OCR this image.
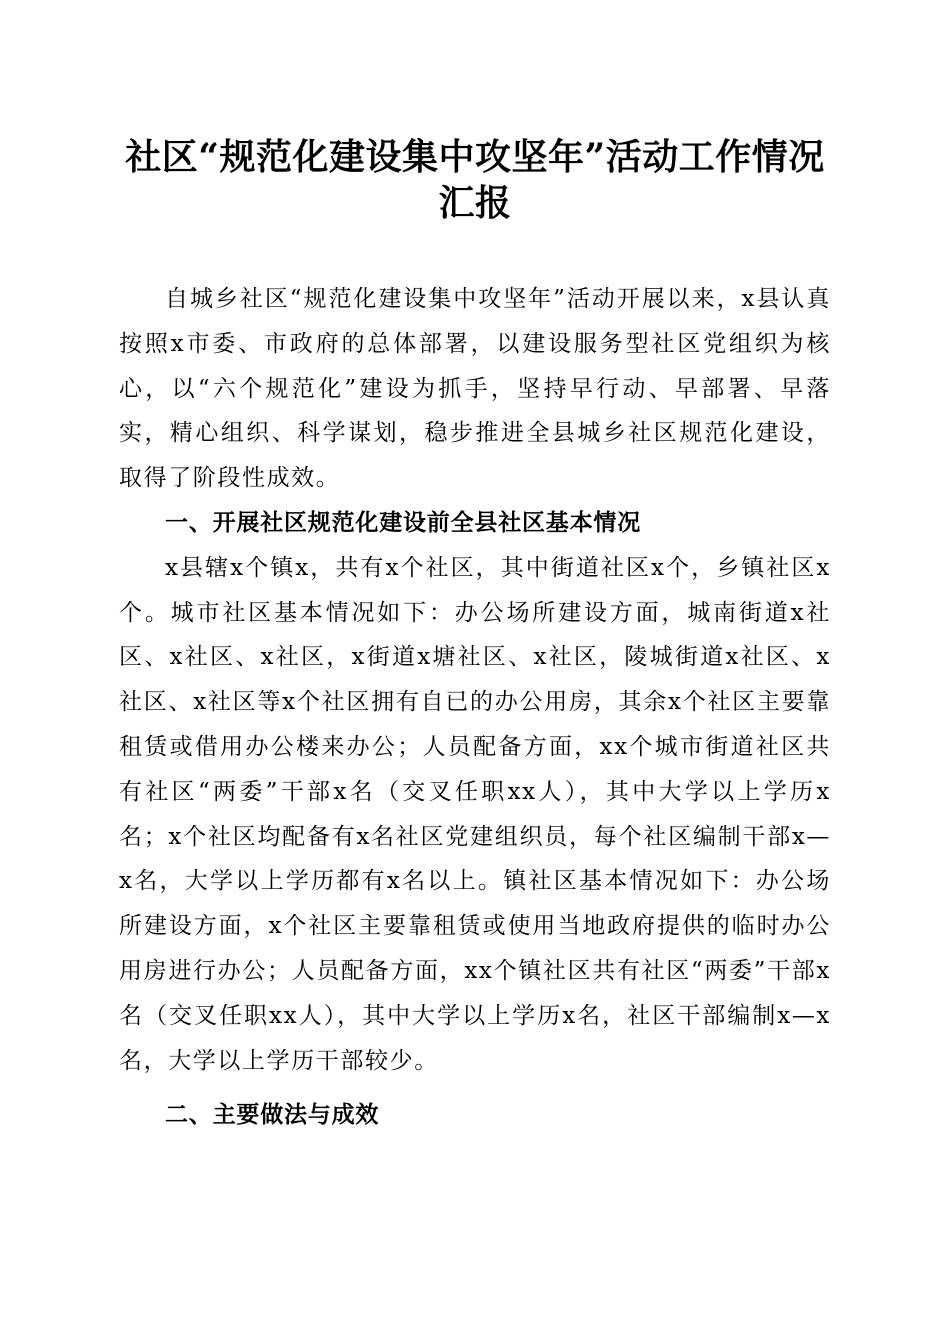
社区“规范化建设集中攻坚年”活动工作情况汇报

自城乡社区“规范化建设集中攻坚年”活动开展以来，x县认真按照x市委、市政府的总体部署，以建设服务型社区党组织为核心，以“六个规范化”建设为抓手，坚持早行动、早部署、早落实，精心组织、科学谋划，稳步推进全县城乡社区规范化建设，取得了阶段性成效。

一、开展社区规范化建设前全县社区基本情况

x县辖x个镇x，共有x个社区，其中街道社区x个，乡镇社区x个。城市社区基本情况如下：办公场所建设方面，城南街道x社区、x社区、x社区，x街道x塘社区、x社区，陵城街道x社区、x社区、x社区等x个社区拥有自已的办公用房，其余x个社区主要靠租赁或借用办公楼来办公；人员配备方面，xx个城市街道社区共有社区“两委”干部x名（交叉任职xx人），其中大学以上学历x名；x个社区均配备有x名社区党建组织员，每个社区编制干部x—x名，大学以上学历都有x名以上。镇社区基本情况如下：办公场所建设方面，x个社区主要靠租赁或使用当地政府提供的临时办公用房进行办公；人员配备方面，xx个镇社区共有社区“两委”干部x名（交叉任职xx人），其中大学以上学历x名，社区干部编制x—x名，大学以上学历干部较少。

二、主要做法与成效
